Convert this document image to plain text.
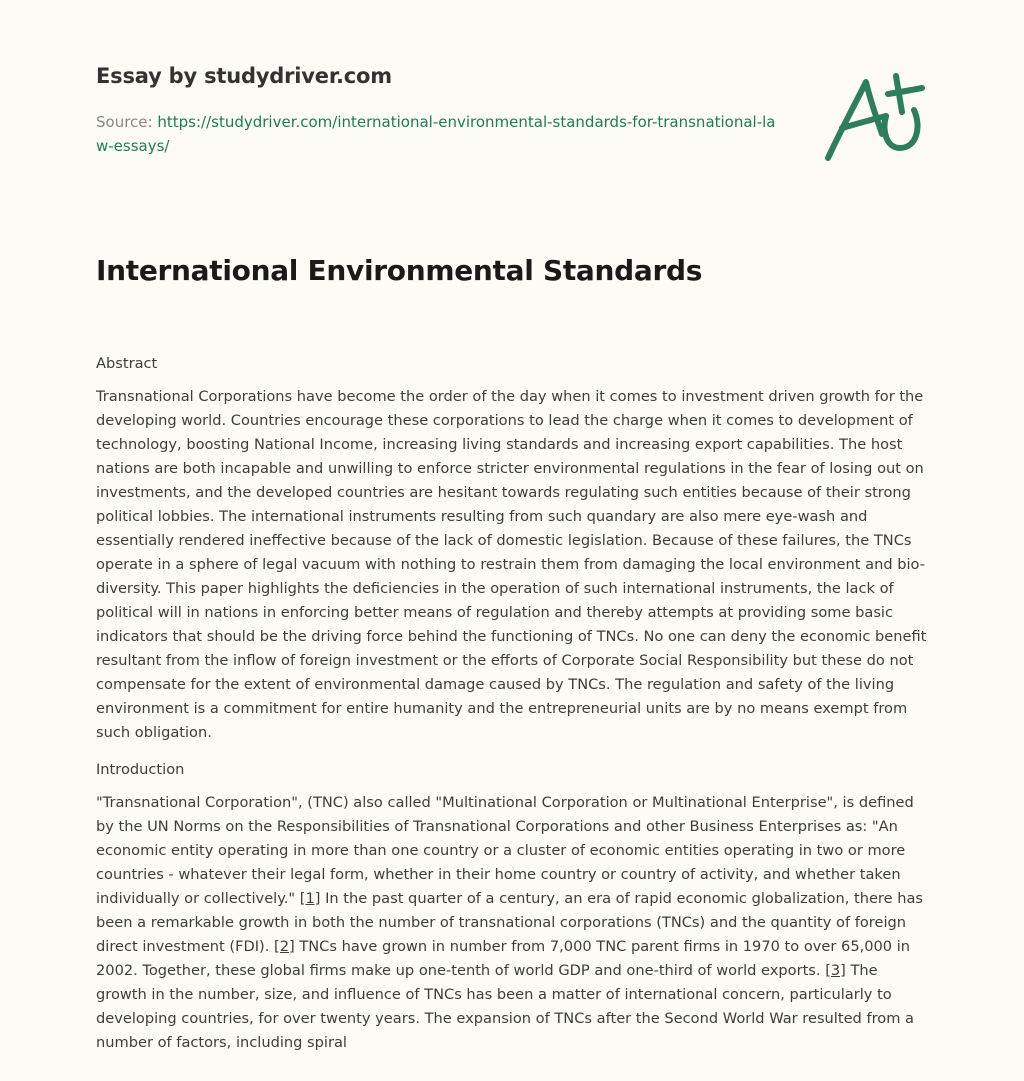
Essay by studydriver.com
Source: https://studydriver.com/international-environmental-standards-for-transnational-law-essays/
International Environmental Standards
Abstract

Transnational Corporations have become the order of the day when it comes to investment driven growth for the developing world. Countries encourage these corporations to lead the charge when it comes to development of technology, boosting National Income, increasing living standards and increasing export capabilities. The host nations are both incapable and unwilling to enforce stricter environmental regulations in the fear of losing out on investments, and the developed countries are hesitant towards regulating such entities because of their strong political lobbies. The international instruments resulting from such quandary are also mere eye-wash and essentially rendered ineffective because of the lack of domestic legislation. Because of these failures, the TNCs operate in a sphere of legal vacuum with nothing to restrain them from damaging the local environment and bio-diversity. This paper highlights the deficiencies in the operation of such international instruments, the lack of political will in nations in enforcing better means of regulation and thereby attempts at providing some basic indicators that should be the driving force behind the functioning of TNCs. No one can deny the economic benefit resultant from the inflow of foreign investment or the efforts of Corporate Social Responsibility but these do not compensate for the extent of environmental damage caused by TNCs. The regulation and safety of the living environment is a commitment for entire humanity and the entrepreneurial units are by no means exempt from such obligation.

Introduction

"Transnational Corporation", (TNC) also called "Multinational Corporation or Multinational Enterprise", is defined by the UN Norms on the Responsibilities of Transnational Corporations and other Business Enterprises as: "An economic entity operating in more than one country or a cluster of economic entities operating in two or more countries - whatever their legal form, whether in their home country or country of activity, and whether taken individually or collectively." [1] In the past quarter of a century, an era of rapid economic globalization, there has been a remarkable growth in both the number of transnational corporations (TNCs) and the quantity of foreign direct investment (FDI). [2] TNCs have grown in number from 7,000 TNC parent firms in 1970 to over 65,000 in 2002. Together, these global firms make up one-tenth of world GDP and one-third of world exports. [3] The growth in the number, size, and influence of TNCs has been a matter of international concern, particularly to developing countries, for over twenty years. The expansion of TNCs after the Second World War resulted from a number of factors, including spiral
